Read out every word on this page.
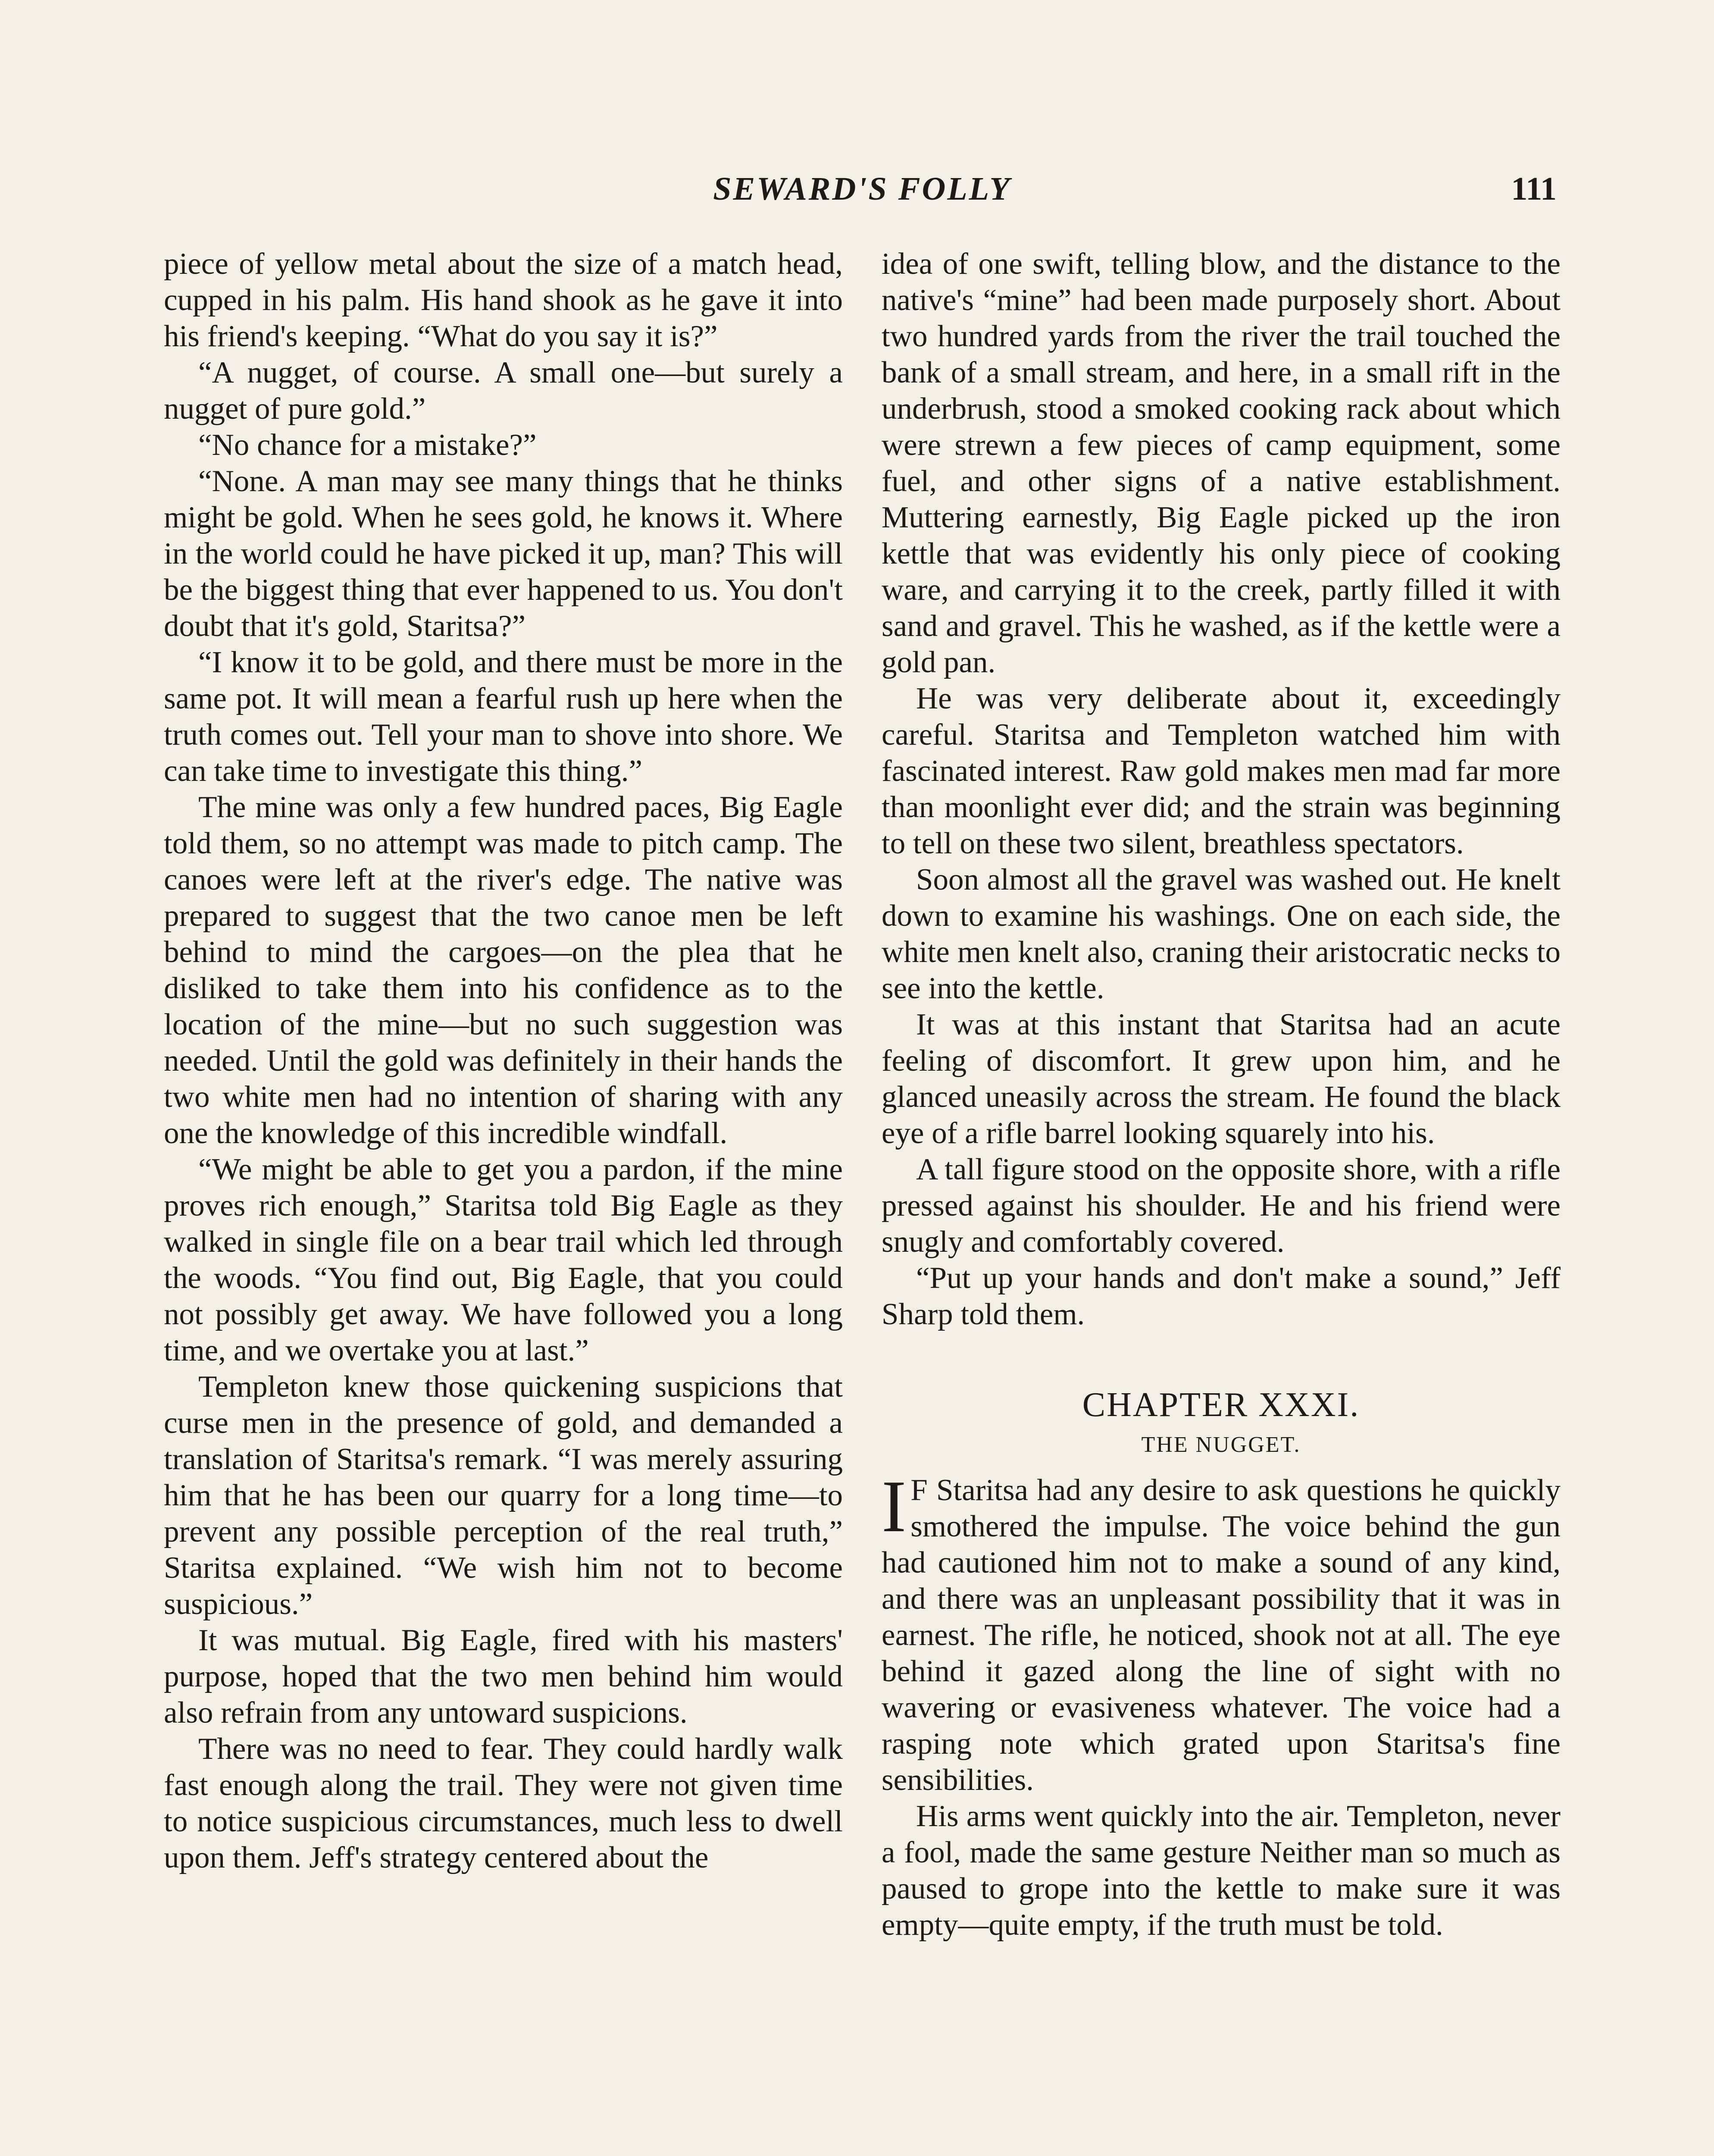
SEWARD'S FOLLY	111

piece of yellow metal about the size of a match head, cupped in his palm. His hand shook as he gave it into his friend's keeping. “What do you say it is?”

“A nugget, of course. A small one—but surely a nugget of pure gold.”

“No chance for a mistake?”

“None. A man may see many things that he thinks might be gold. When he sees gold, he knows it. Where in the world could he have picked it up, man? This will be the biggest thing that ever happened to us. You don't doubt that it's gold, Staritsa?”

“I know it to be gold, and there must be more in the same pot. It will mean a fearful rush up here when the truth comes out. Tell your man to shove into shore. We can take time to investigate this thing.”

The mine was only a few hundred paces, Big Eagle told them, so no attempt was made to pitch camp. The canoes were left at the river's edge. The native was prepared to suggest that the two canoe men be left behind to mind the cargoes—on the plea that he disliked to take them into his confidence as to the location of the mine—but no such suggestion was needed. Until the gold was definitely in their hands the two white men had no intention of sharing with any one the knowledge of this incredible windfall.

“We might be able to get you a pardon, if the mine proves rich enough,” Staritsa told Big Eagle as they walked in single file on a bear trail which led through the woods. “You find out, Big Eagle, that you could not possibly get away. We have followed you a long time, and we overtake you at last.”

Templeton knew those quickening suspicions that curse men in the presence of gold, and demanded a translation of Staritsa's remark. “I was merely assuring him that he has been our quarry for a long time—to prevent any possible perception of the real truth,” Staritsa explained. “We wish him not to become suspicious.”

It was mutual. Big Eagle, fired with his masters' purpose, hoped that the two men behind him would also refrain from any untoward suspicions.

There was no need to fear. They could hardly walk fast enough along the trail. They were not given time to notice suspicious circumstances, much less to dwell upon them. Jeff's strategy centered about the

idea of one swift, telling blow, and the distance to the native's “mine” had been made purposely short. About two hundred yards from the river the trail touched the bank of a small stream, and here, in a small rift in the underbrush, stood a smoked cooking rack about which were strewn a few pieces of camp equipment, some fuel, and other signs of a native establishment. Muttering earnestly, Big Eagle picked up the iron kettle that was evidently his only piece of cooking ware, and carrying it to the creek, partly filled it with sand and gravel. This he washed, as if the kettle were a gold pan.

He was very deliberate about it, exceedingly careful. Staritsa and Templeton watched him with fascinated interest. Raw gold makes men mad far more than moonlight ever did; and the strain was beginning to tell on these two silent, breathless spectators.

Soon almost all the gravel was washed out. He knelt down to examine his washings. One on each side, the white men knelt also, craning their aristocratic necks to see into the kettle.

It was at this instant that Staritsa had an acute feeling of discomfort. It grew upon him, and he glanced uneasily across the stream. He found the black eye of a rifle barrel looking squarely into his.

A tall figure stood on the opposite shore, with a rifle pressed against his shoulder. He and his friend were snugly and comfortably covered.

“Put up your hands and don't make a sound,” Jeff Sharp told them.

CHAPTER XXXI.
THE NUGGET.

I F Staritsa had any desire to ask questions he quickly smothered the impulse. The voice behind the gun had cautioned him not to make a sound of any kind, and there was an unpleasant possibility that it was in earnest. The rifle, he noticed, shook not at all. The eye behind it gazed along the line of sight with no wavering or evasiveness whatever. The voice had a rasping note which grated upon Staritsa's fine sensibilities.

His arms went quickly into the air. Templeton, never a fool, made the same gesture Neither man so much as paused to grope into the kettle to make sure it was empty—quite empty, if the truth must be told.
